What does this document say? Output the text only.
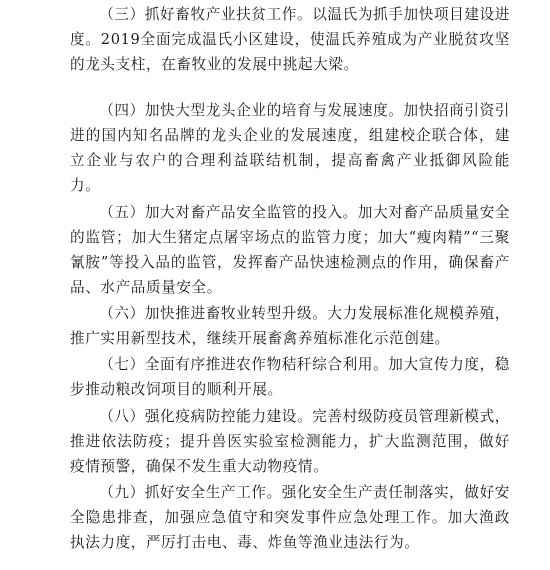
（三）抓好畜牧产业扶贫工作。以温氏为抓手加快项目建设进度。2019全面完成温氏小区建设，使温氏养殖成为产业脱贫攻坚的龙头支柱，在畜牧业的发展中挑起大梁。

（四）加快大型龙头企业的培育与发展速度。加快招商引资引进的国内知名品牌的龙头企业的发展速度，组建校企联合体，建立企业与农户的合理利益联结机制，提高畜禽产业抵御风险能力。

（五）加大对畜产品安全监管的投入。加大对畜产品质量安全的监管；加大生猪定点屠宰场点的监管力度；加大“瘦肉精”“三聚氰胺”等投入品的监管，发挥畜产品快速检测点的作用，确保畜产品、水产品质量安全。

（六）加快推进畜牧业转型升级。大力发展标准化规模养殖，推广实用新型技术，继续开展畜禽养殖标准化示范创建。

（七）全面有序推进农作物秸秆综合利用。加大宣传力度，稳步推动粮改饲项目的顺利开展。

（八）强化疫病防控能力建设。完善村级防疫员管理新模式，推进依法防疫；提升兽医实验室检测能力，扩大监测范围，做好疫情预警，确保不发生重大动物疫情。

（九）抓好安全生产工作。强化安全生产责任制落实，做好安全隐患排查，加强应急值守和突发事件应急处理工作。加大渔政执法力度，严厉打击电、毒、炸鱼等渔业违法行为。
